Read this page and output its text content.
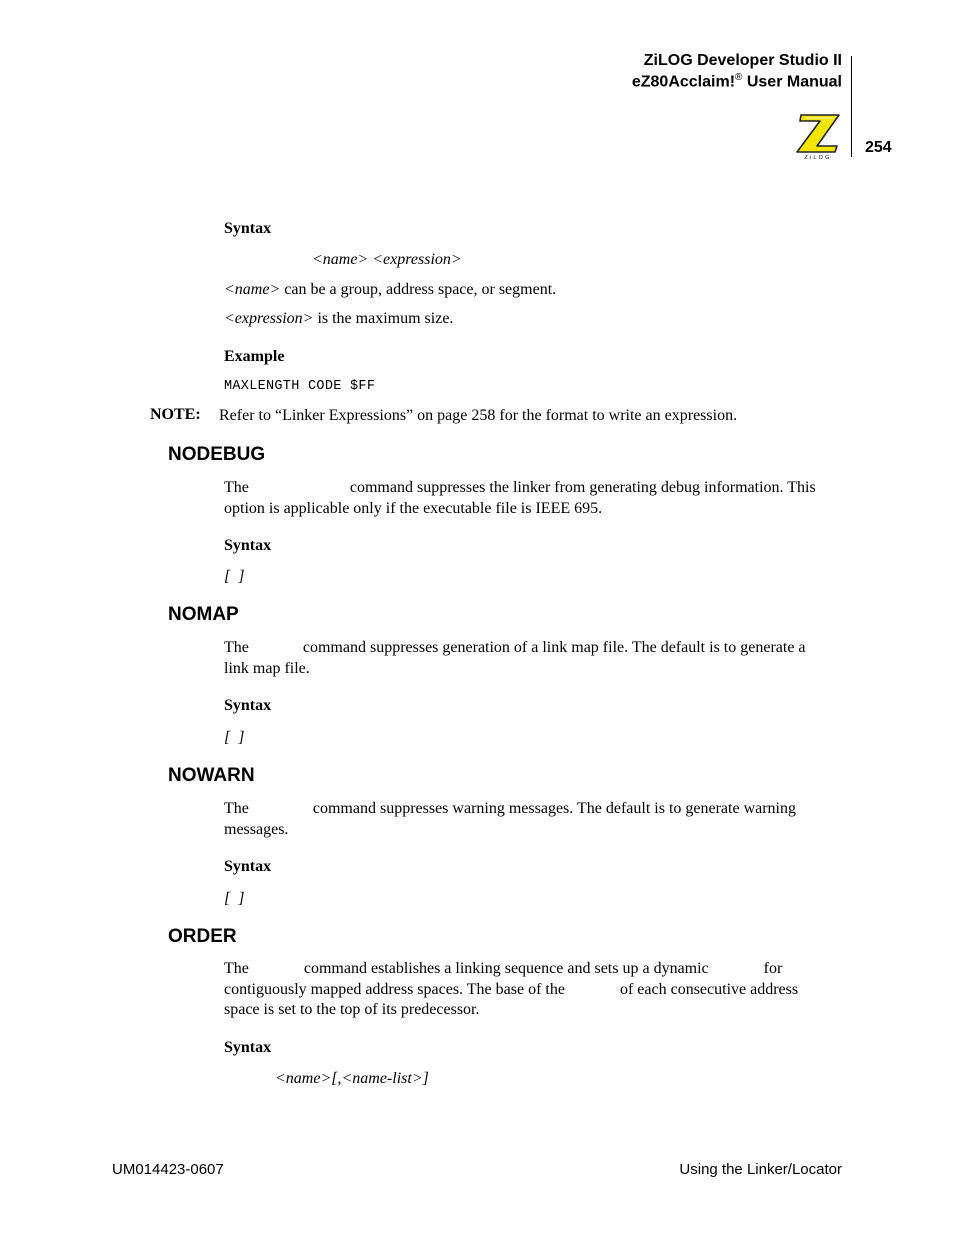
ZiLOG Developer Studio II
eZ80Acclaim!® User Manual
ZiLOG
254
Syntax
<name> <expression>
<name> can be a group, address space, or segment.
<expression> is the maximum size.
Example
MAXLENGTH CODE $FF
NOTE: Refer to “Linker Expressions” on page 258 for the format to write an expression.
NODEBUG
The	command suppresses the linker from generating debug information. This
option is applicable only if the executable file is IEEE 695.
Syntax
[  ]
NOMAP
The	command suppresses generation of a link map file. The default is to generate a
link map file.
Syntax
[  ]
NOWARN
The	command suppresses warning messages. The default is to generate warning
messages.
Syntax
[  ]
ORDER
The	command establishes a linking sequence and sets up a dynamic	for
contiguously mapped address spaces. The base of the	of each consecutive address
space is set to the top of its predecessor.
Syntax
<name>[,<name-list>]
UM014423-0607	Using the Linker/Locator
